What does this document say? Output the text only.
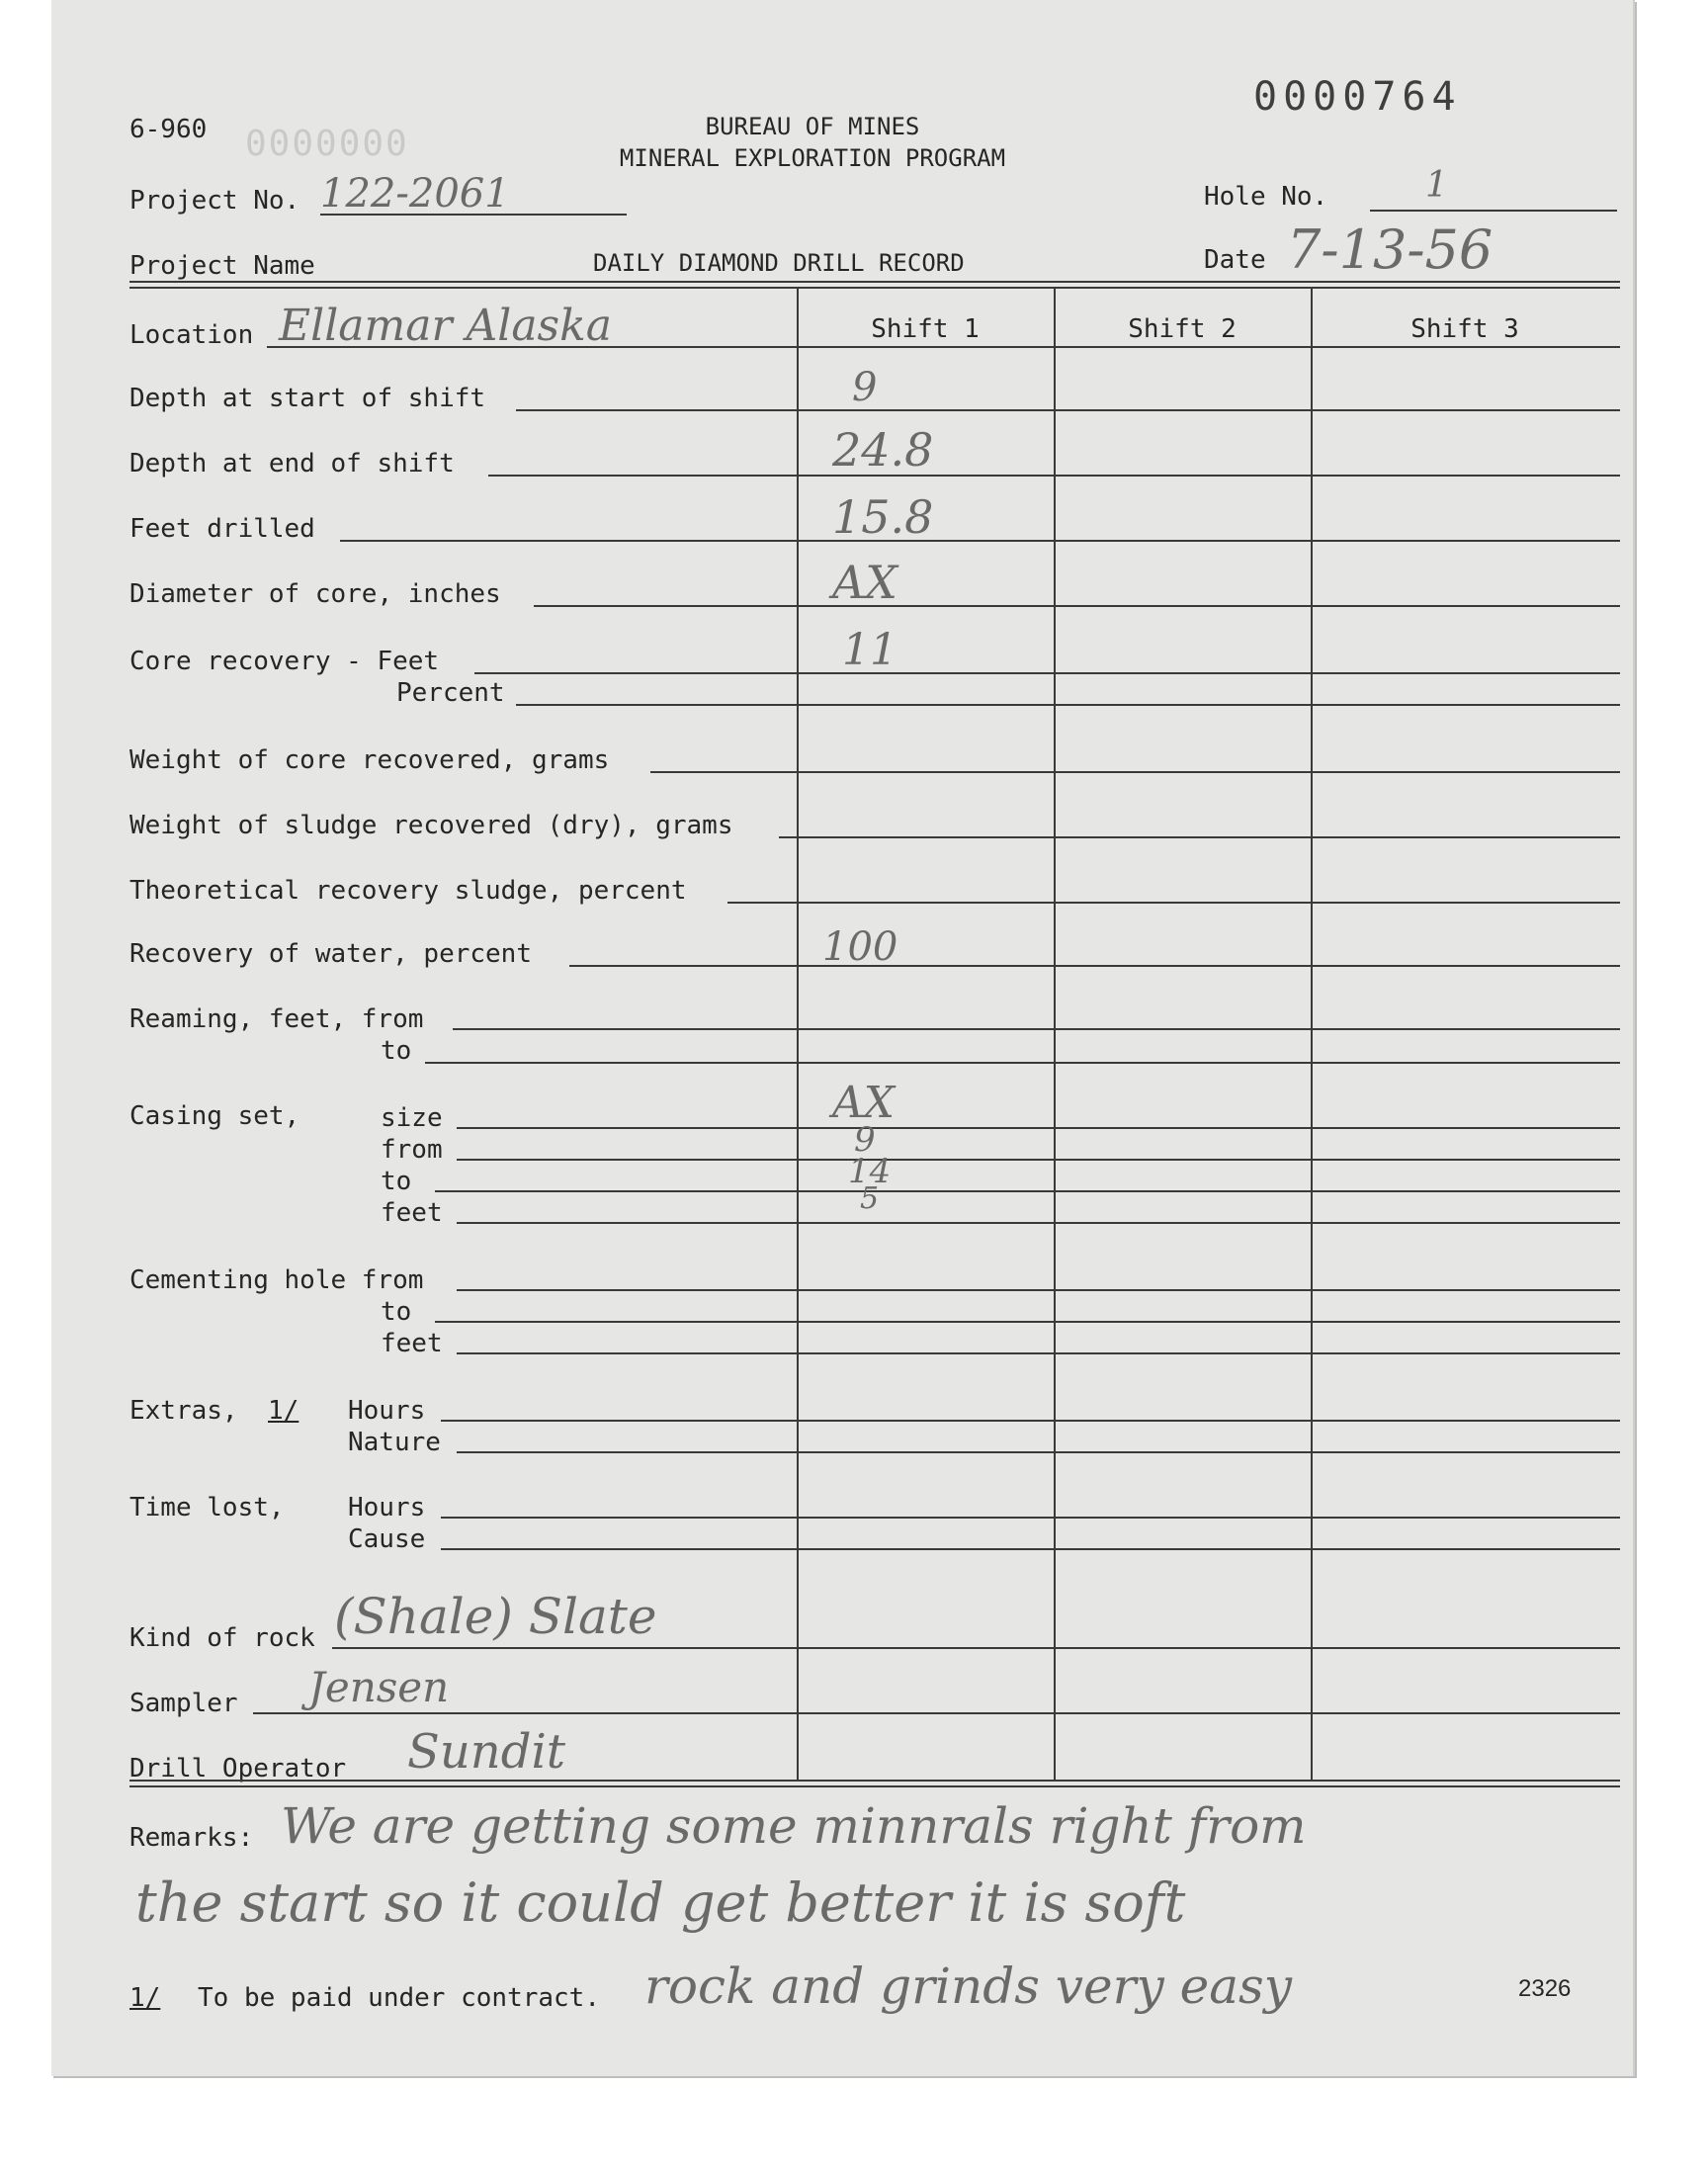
6-960 0000000
0000764
BUREAU OF MINES
MINERAL EXPLORATION PROGRAM
Project No. 122-2061	Hole No.	1
Project Name	DAILY DIAMOND DRILL RECORD	Date 7-13-56
Location Ellamar Alaska	Shift 1	Shift 2	Shift 3
Depth at start of shift	9
Depth at end of shift	24.8
Feet drilled	15.8
Diameter of core, inches	AX
Core recovery - Feet	11
Percent
Weight of core recovered, grams
Weight of sludge recovered (dry), grams
Theoretical recovery sludge, percent
Recovery of water, percent	100
Reaming, feet, from
to
Casing set,	size	AX
from	9
to	14
feet	5
Cementing hole from
to
feet
Extras, 1/ Hours
Nature
Time lost, Hours
Cause
Kind of rock (Shale) Slate
Sampler Jensen
Drill Operator Sundit
Remarks: We are getting some minnrals right from
the start so it could get better it is soft
rock and grinds very easy
1/ To be paid under contract.	2326
